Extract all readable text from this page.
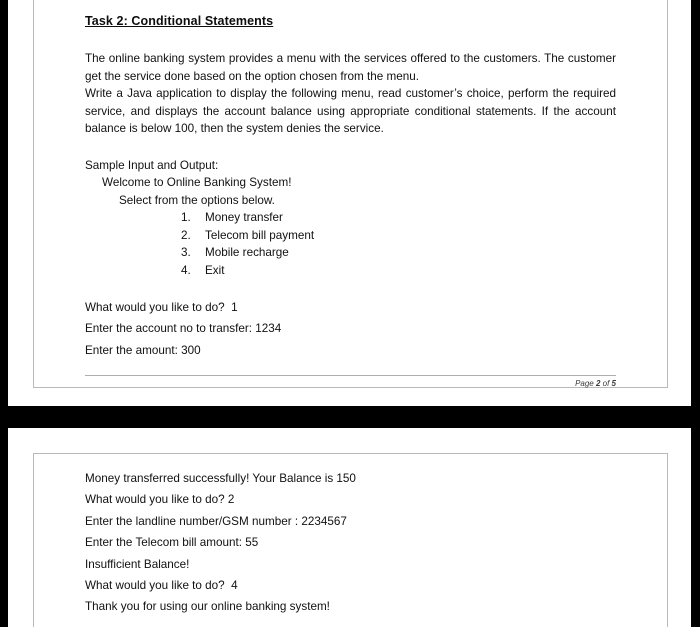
Task 2: Conditional Statements

The online banking system provides a menu with the services offered to the customers. The customer get the service done based on the option chosen from the menu.

Write a Java application to display the following menu, read customer’s choice, perform the required service, and displays the account balance using appropriate conditional statements. If the account balance is below 100, then the system denies the service.

Sample Input and Output:
Welcome to Online Banking System!
Select from the options below.
1. Money transfer
2. Telecom bill payment
3. Mobile recharge
4. Exit
What would you like to do?  1
Enter the account no to transfer: 1234
Enter the amount: 300
Page 2 of 5
Money transferred successfully! Your Balance is 150
What would you like to do? 2
Enter the landline number/GSM number : 2234567
Enter the Telecom bill amount: 55
Insufficient Balance!
What would you like to do?  4
Thank you for using our online banking system!
